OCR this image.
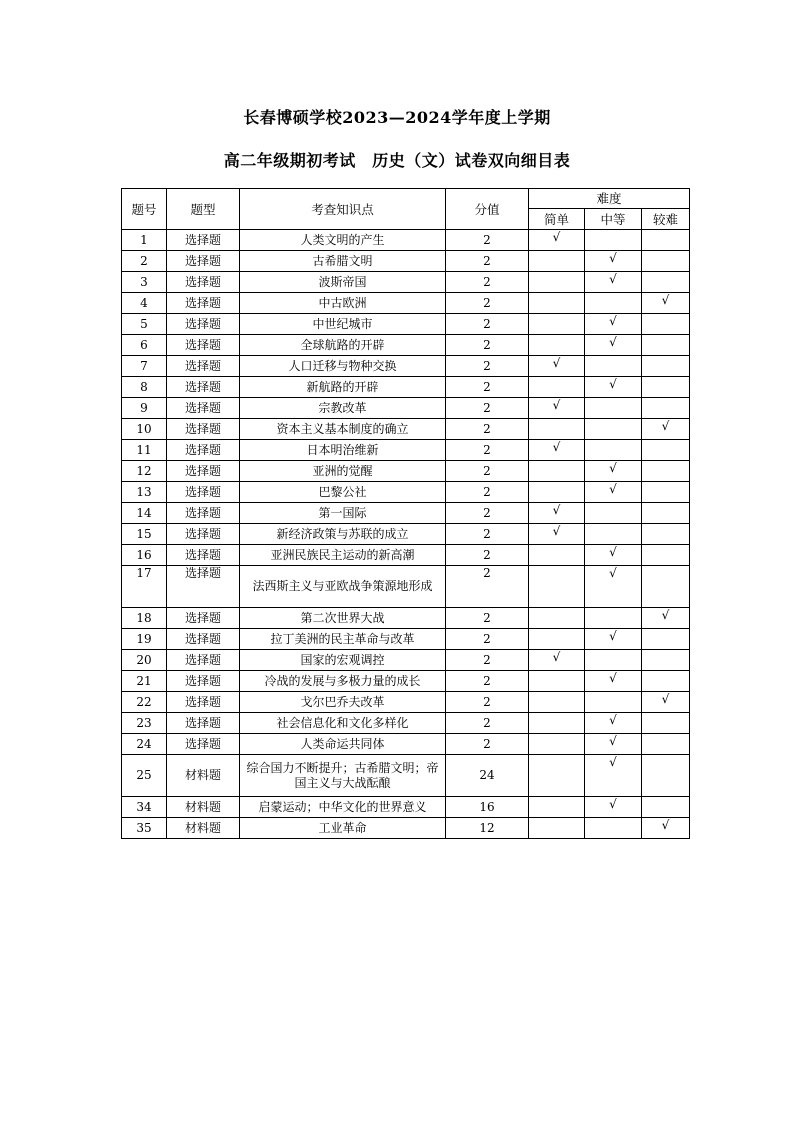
长春博硕学校2023—2024学年度上学期
高二年级期初考试　历史（文）试卷双向细目表
题号	题型	考查知识点	分值	难度		
				简单	中等	较难
1	选择题	人类文明的产生	2	√		
2	选择题	古希腊文明	2		√	
3	选择题	波斯帝国	2		√	
4	选择题	中古欧洲	2			√
5	选择题	中世纪城市	2		√	
6	选择题	全球航路的开辟	2		√	
7	选择题	人口迁移与物种交换	2	√		
8	选择题	新航路的开辟	2		√	
9	选择题	宗教改革	2	√		
10	选择题	资本主义基本制度的确立	2			√
11	选择题	日本明治维新	2	√		
12	选择题	亚洲的觉醒	2		√	
13	选择题	巴黎公社	2		√	
14	选择题	第一国际	2	√		
15	选择题	新经济政策与苏联的成立	2	√		
16	选择题	亚洲民族民主运动的新高潮	2		√	
17	选择题	法西斯主义与亚欧战争策源地形成	2		√	
18	选择题	第二次世界大战	2			√
19	选择题	拉丁美洲的民主革命与改革	2		√	
20	选择题	国家的宏观调控	2	√		
21	选择题	冷战的发展与多极力量的成长	2		√	
22	选择题	戈尔巴乔夫改革	2			√
23	选择题	社会信息化和文化多样化	2		√	
24	选择题	人类命运共同体	2		√	
25	材料题	综合国力不断提升；古希腊文明；帝国主义与大战酝酿	24		√	
34	材料题	启蒙运动；中华文化的世界意义	16		√	
35	材料题	工业革命	12			√
